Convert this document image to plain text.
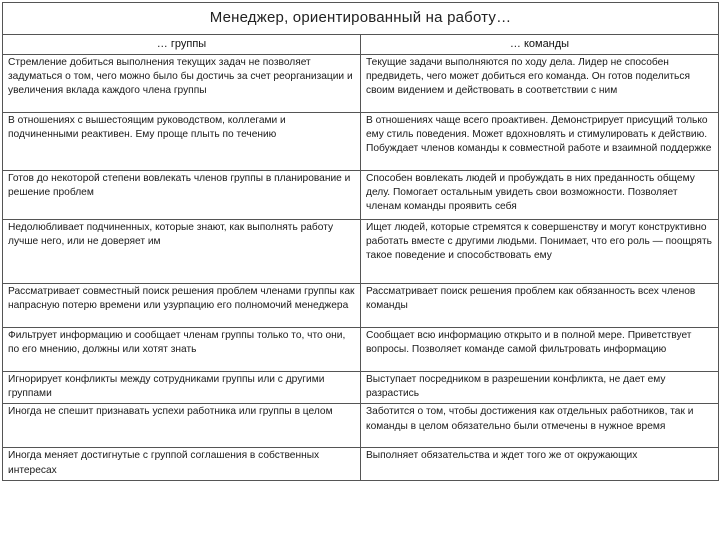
Менеджер, ориентированный на работу…	
… группы	… команды
Стремление добиться выполнения текущих задач не позволяет задуматься о том, чего можно было бы достичь за счет реорганизации и увеличения вклада каждого члена группы	Текущие задачи выполняются по ходу дела. Лидер не способен предвидеть, чего может добиться его команда. Он готов поделиться своим видением и действовать в соответствии с ним
В отношениях с вышестоящим руководством, коллегами и подчиненными реактивен. Ему проще плыть по течению	В отношениях чаще всего проактивен. Демонстрирует присущий только ему стиль поведения. Может вдохновлять и стимулировать к действию. Побуждает членов команды к совместной работе и взаимной поддержке
Готов до некоторой степени вовлекать членов группы в планирование и решение проблем	Способен вовлекать людей и пробуждать в них преданность общему делу. Помогает остальным увидеть свои возможности. Позволяет членам команды проявить себя
Недолюбливает подчиненных, которые знают, как выполнять работу лучше него, или не доверяет им	Ищет людей, которые стремятся к совершенству и могут конструктивно работать вместе с другими людьми. Понимает, что его роль — поощрять такое поведение и способствовать ему
Рассматривает совместный поиск решения проблем членами группы как напрасную потерю времени или узурпацию его полномочий менеджера	Рассматривает поиск решения проблем как обязанность всех членов команды
Фильтрует информацию и сообщает членам группы только то, что они, по его мнению, должны или хотят знать	Сообщает всю информацию открыто и в полной мере. Приветствует вопросы. Позволяет команде самой фильтровать информацию
Игнорирует конфликты между сотрудниками группы или с другими группами	Выступает посредником в разрешении конфликта, не дает ему разрастись
Иногда не спешит признавать успехи работника или группы в целом	Заботится о том, чтобы достижения как отдельных работников, так и команды в целом обязательно были отмечены в нужное время
Иногда меняет достигнутые с группой соглашения в собственных интересах	Выполняет обязательства и ждет того же от окружающих
